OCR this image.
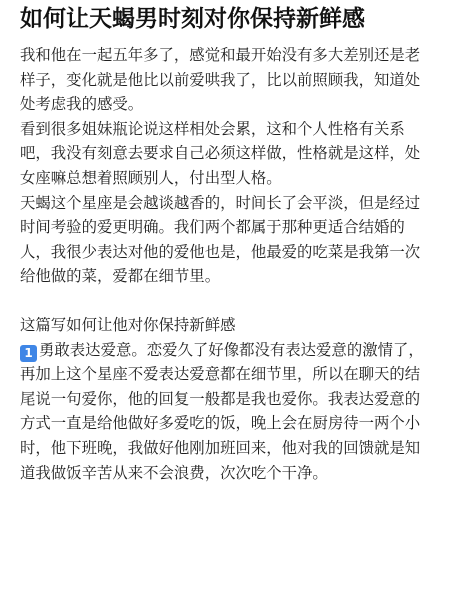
如何让天蝎男时刻对你保持新鲜感

我和他在一起五年多了，感觉和最开始没有多大差别还是老样子，变化就是他比以前爱哄我了，比以前照顾我，知道处处考虑我的感受。

看到很多姐妹瓶论说这样相处会累，这和个人性格有关系吧，我没有刻意去要求自己必须这样做，性格就是这样，处女座嘛总想着照顾别人，付出型人格。

天蝎这个星座是会越谈越香的，时间长了会平淡，但是经过时间考验的爱更明确。我们两个都属于那种更适合结婚的人，我很少表达对他的爱他也是，他最爱的吃菜是我第一次给他做的菜，爱都在细节里。

这篇写如何让他对你保持新鲜感

1 勇敢表达爱意。恋爱久了好像都没有表达爱意的激情了，再加上这个星座不爱表达爱意都在细节里，所以在聊天的结尾说一句爱你，他的回复一般都是我也爱你。我表达爱意的方式一直是给他做好多爱吃的饭，晚上会在厨房待一两个小时，他下班晚，我做好他刚加班回来，他对我的回馈就是知道我做饭辛苦从来不会浪费，次次吃个干净。
